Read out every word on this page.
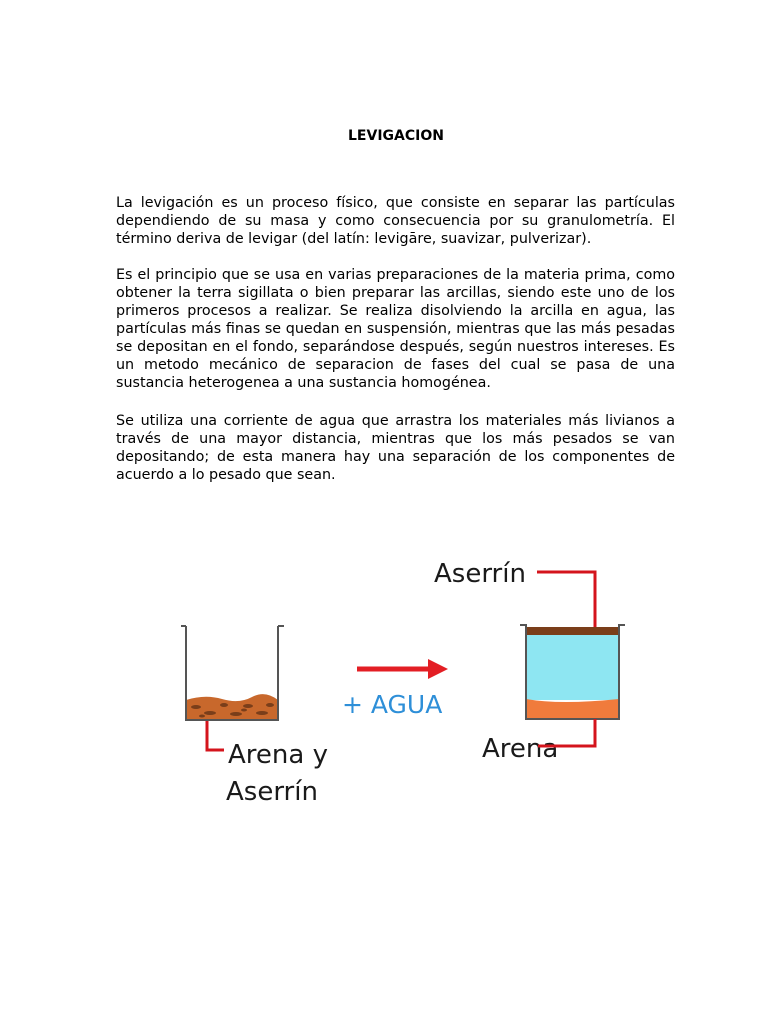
LEVIGACION

La levigación es un proceso físico, que consiste en separar las partículas dependiendo de su masa y como consecuencia por su granulometría. El término deriva de levigar (del latín: levigāre, suavizar, pulverizar).

Es el principio que se usa en varias preparaciones de la materia prima, como obtener la terra sigillata o bien preparar las arcillas, siendo este uno de los primeros procesos a realizar. Se realiza disolviendo la arcilla en agua, las partículas más finas se quedan en suspensión, mientras que las más pesadas se depositan en el fondo, separándose después, según nuestros intereses. Es un metodo mecánico de separacion de fases del cual se pasa de una sustancia heterogenea a una sustancia homogénea.

Se utiliza una corriente de agua que arrastra los materiales más livianos a través de una mayor distancia, mientras que los más pesados se van depositando; de esta manera hay una separación de los componentes de acuerdo a lo pesado que sean.

Arena y
Aserrín
+ AGUA
Aserrín
Arena
